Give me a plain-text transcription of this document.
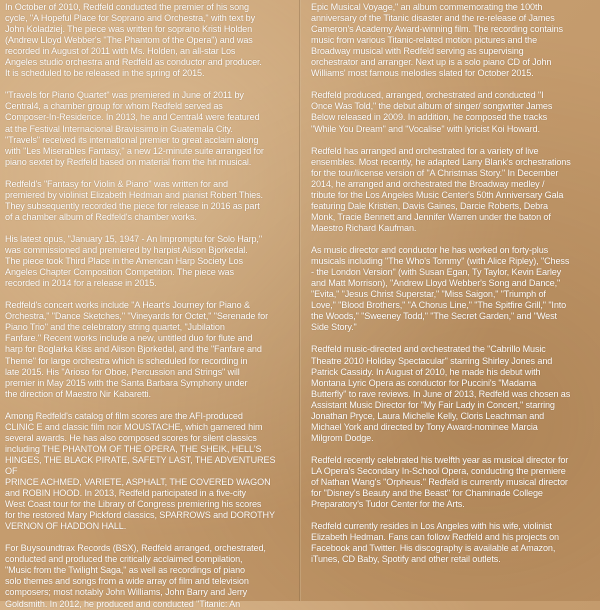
In October of 2010, Redfeld conducted the premier of his song
cycle, "A Hopeful Place for Soprano and Orchestra," with text by
John Koladziej. The piece was written for soprano Kristi Holden
(Andrew Lloyd Webber's "The Phantom of the Opera") and was
recorded in August of 2011 with Ms. Holden, an all-star Los
Angeles studio orchestra and Redfeld as conductor and producer.
It is scheduled to be released in the spring of 2015.

"Travels for Piano Quartet" was premiered in June of 2011 by
Central4, a chamber group for whom Redfeld served as
Composer-In-Residence. In 2013, he and Central4 were featured
at the Festival Internacional Bravissimo in Guatemala City.
"Travels" received its international premier to great acclaim along
with "Les Miserables Fantasy," a new 12-minute suite arranged for
piano sextet by Redfeld based on material from the hit musical.

Redfeld's "Fantasy for Violin & Piano" was written for and
premiered by violinist Elizabeth Hedman and pianist Robert Thies.
They subsequently recorded the piece for release in 2016 as part
of a chamber album of Redfeld's chamber works.

His latest opus, "January 15, 1947 - An Impromptu for Solo Harp,"
was commissioned and premiered by harpist Alison Bjorkedal.
The piece took Third Place in the American Harp Society Los
Angeles Chapter Composition Competition. The piece was
recorded in 2014 for a release in 2015.

Redfeld's concert works include "A Heart's Journey for Piano &
Orchestra," "Dance Sketches," "Vineyards for Octet," "Serenade for
Piano Trio" and the celebratory string quartet, "Jubilation
Fanfare." Recent works include a new, untitled duo for flute and
harp for Boglarka Kiss and Alison Bjorkedal, and the "Fanfare and
Theme" for large orchestra which is scheduled for recording in
late 2015. His "Arioso for Oboe, Percussion and Strings" will
premier in May 2015 with the Santa Barbara Symphony under
the direction of Maestro Nir Kabaretti.

Among Redfeld's catalog of film scores are the AFI-produced
CLINIC E and classic film noir MOUSTACHE, which garnered him
several awards. He has also composed scores for silent classics
including THE PHANTOM OF THE OPERA, THE SHEIK, HELL'S
HINGES, THE BLACK PIRATE, SAFETY LAST, THE ADVENTURES OF
PRINCE ACHMED, VARIETE, ASPHALT, THE COVERED WAGON
and ROBIN HOOD. In 2013, Redfeld participated in a five-city
West Coast tour for the Library of Congress premiering his scores
for the restored Mary Pickford classics, SPARROWS and DOROTHY
VERNON OF HADDON HALL.

For Buysoundtrax Records (BSX), Redfeld arranged, orchestrated,
conducted and produced the critically acclaimed compilation,
"Music from the Twilight Saga," as well as recordings of piano
solo themes and songs from a wide array of film and television
composers; most notably John Williams, John Barry and Jerry
Goldsmith. In 2012, he produced and conducted "Titanic: An

Epic Musical Voyage," an album commemorating the 100th
anniversary of the Titanic disaster and the re-release of James
Cameron's Academy Award-winning film. The recording contains
music from various Titanic-related motion pictures and the
Broadway musical with Redfeld serving as supervising
orchestrator and arranger. Next up is a solo piano CD of John
Williams' most famous melodies slated for October 2015.

Redfeld produced, arranged, orchestrated and conducted "I
Once Was Told," the debut album of singer/ songwriter James
Below released in 2009. In addition, he composed the tracks
"While You Dream" and "Vocalise" with lyricist Koi Howard.

Redfeld has arranged and orchestrated for a variety of live
ensembles. Most recently, he adapted Larry Blank's orchestrations
for the tour/license version of "A Christmas Story." In December
2014, he arranged and orchestrated the Broadway medley /
tribute for the Los Angeles Music Center's 50th Anniversary Gala
featuring Dale Kristien, Davis Gaines, Darcie Roberts, Debra
Monk, Tracie Bennett and Jennifer Warren under the baton of
Maestro Richard Kaufman.

As music director and conductor he has worked on forty-plus
musicals including "The Who's Tommy" (with Alice Ripley), "Chess
- the London Version" (with Susan Egan, Ty Taylor, Kevin Earley
and Matt Morrison), "Andrew Lloyd Webber's Song and Dance,"
"Evita," "Jesus Christ Superstar," "Miss Saigon," "Triumph of
Love," "Blood Brothers," "A Chorus Line," "The Spitfire Grill," "Into
the Woods," "Sweeney Todd," "The Secret Garden," and "West
Side Story."

Redfeld music-directed and orchestrated the "Cabrillo Music
Theatre 2010 Holiday Spectacular" starring Shirley Jones and
Patrick Cassidy. In August of 2010, he made his debut with
Montana Lyric Opera as conductor for Puccini's "Madama
Butterfly" to rave reviews. In June of 2013, Redfeld was chosen as
Assistant Music Director for "My Fair Lady in Concert," starring
Jonathan Pryce, Laura Michelle Kelly, Cloris Leachman and
Michael York and directed by Tony Award-nominee Marcia
Milgrom Dodge.

Redfeld recently celebrated his twelfth year as musical director for
LA Opera's Secondary In-School Opera, conducting the premiere
of Nathan Wang's "Orpheus." Redfeld is currently musical director
for "Disney's Beauty and the Beast" for Chaminade College
Preparatory's Tudor Center for the Arts.

Redfeld currently resides in Los Angeles with his wife, violinist
Elizabeth Hedman. Fans can follow Redfeld and his projects on
Facebook and Twitter. His discography is available at Amazon,
iTunes, CD Baby, Spotify and other retail outlets.
